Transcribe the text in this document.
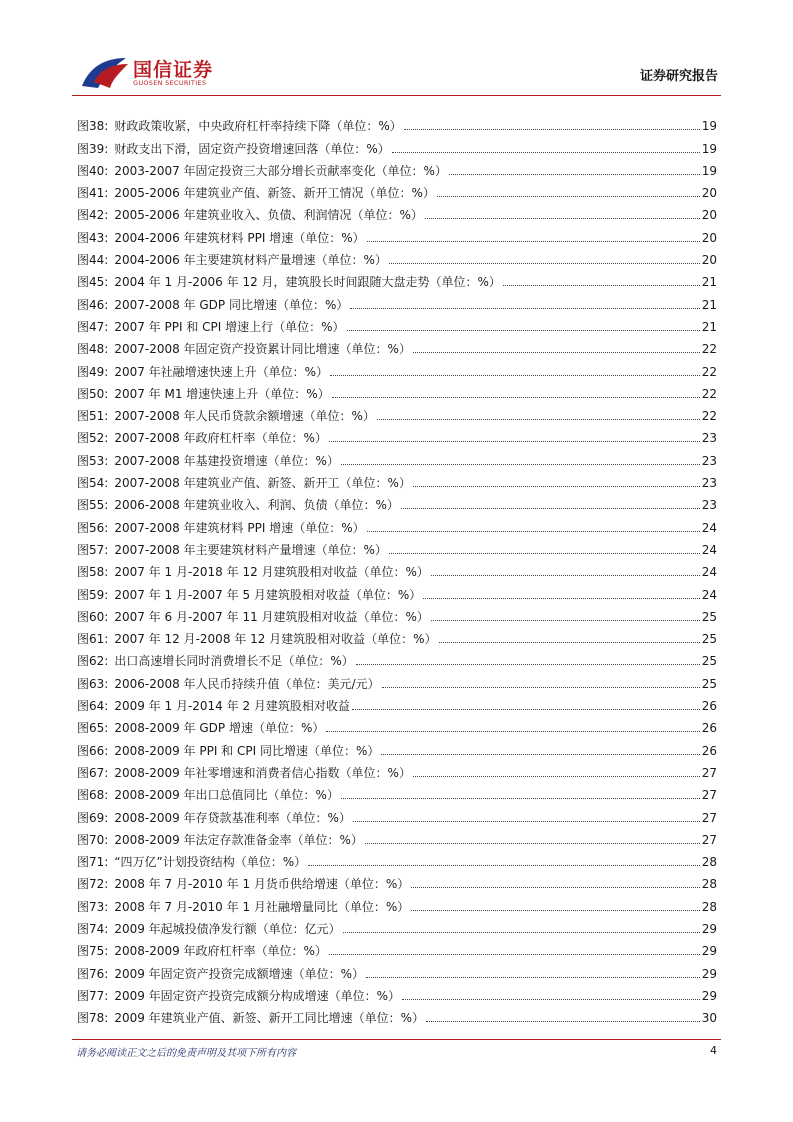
国信证券
GUOSEN SECURITIES	证券研究报告
图38: 财政政策收紧，中央政府杠杆率持续下降（单位：%）	19
图39: 财政支出下滑，固定资产投资增速回落（单位：%）	19
图40: 2003-2007 年固定投资三大部分增长贡献率变化（单位：%）	19
图41: 2005-2006 年建筑业产值、新签、新开工情况（单位：%）	20
图42: 2005-2006 年建筑业收入、负债、利润情况（单位：%）	20
图43: 2004-2006 年建筑材料 PPI 增速（单位：%）	20
图44: 2004-2006 年主要建筑材料产量增速（单位：%）	20
图45: 2004 年 1 月-2006 年 12 月，建筑股长时间跟随大盘走势（单位：%）	21
图46: 2007-2008 年 GDP 同比增速（单位：%）	21
图47: 2007 年 PPI 和 CPI 增速上行（单位：%）	21
图48: 2007-2008 年固定资产投资累计同比增速（单位：%）	22
图49: 2007 年社融增速快速上升（单位：%）	22
图50: 2007 年 M1 增速快速上升（单位：%）	22
图51: 2007-2008 年人民币贷款余额增速（单位：%）	22
图52: 2007-2008 年政府杠杆率（单位：%）	23
图53: 2007-2008 年基建投资增速（单位：%）	23
图54: 2007-2008 年建筑业产值、新签、新开工（单位：%）	23
图55: 2006-2008 年建筑业收入、利润、负债（单位：%）	23
图56: 2007-2008 年建筑材料 PPI 增速（单位：%）	24
图57: 2007-2008 年主要建筑材料产量增速（单位：%）	24
图58: 2007 年 1 月-2018 年 12 月建筑股相对收益（单位：%）	24
图59: 2007 年 1 月-2007 年 5 月建筑股相对收益（单位：%）	24
图60: 2007 年 6 月-2007 年 11 月建筑股相对收益（单位：%）	25
图61: 2007 年 12 月-2008 年 12 月建筑股相对收益（单位：%）	25
图62: 出口高速增长同时消费增长不足（单位：%）	25
图63: 2006-2008 年人民币持续升值（单位：美元/元）	25
图64: 2009 年 1 月-2014 年 2 月建筑股相对收益	26
图65: 2008-2009 年 GDP 增速（单位：%）	26
图66: 2008-2009 年 PPI 和 CPI 同比增速（单位：%）	26
图67: 2008-2009 年社零增速和消费者信心指数（单位：%）	27
图68: 2008-2009 年出口总值同比（单位：%）	27
图69: 2008-2009 年存贷款基准利率（单位：%）	27
图70: 2008-2009 年法定存款准备金率（单位：%）	27
图71: “四万亿”计划投资结构（单位：%）	28
图72: 2008 年 7 月-2010 年 1 月货币供给增速（单位：%）	28
图73: 2008 年 7 月-2010 年 1 月社融增量同比（单位：%）	28
图74: 2009 年起城投债净发行额（单位：亿元）	29
图75: 2008-2009 年政府杠杆率（单位：%）	29
图76: 2009 年固定资产投资完成额增速（单位：%）	29
图77: 2009 年固定资产投资完成额分构成增速（单位：%）	29
图78: 2009 年建筑业产值、新签、新开工同比增速（单位：%）	30
请务必阅读正文之后的免责声明及其项下所有内容	4
